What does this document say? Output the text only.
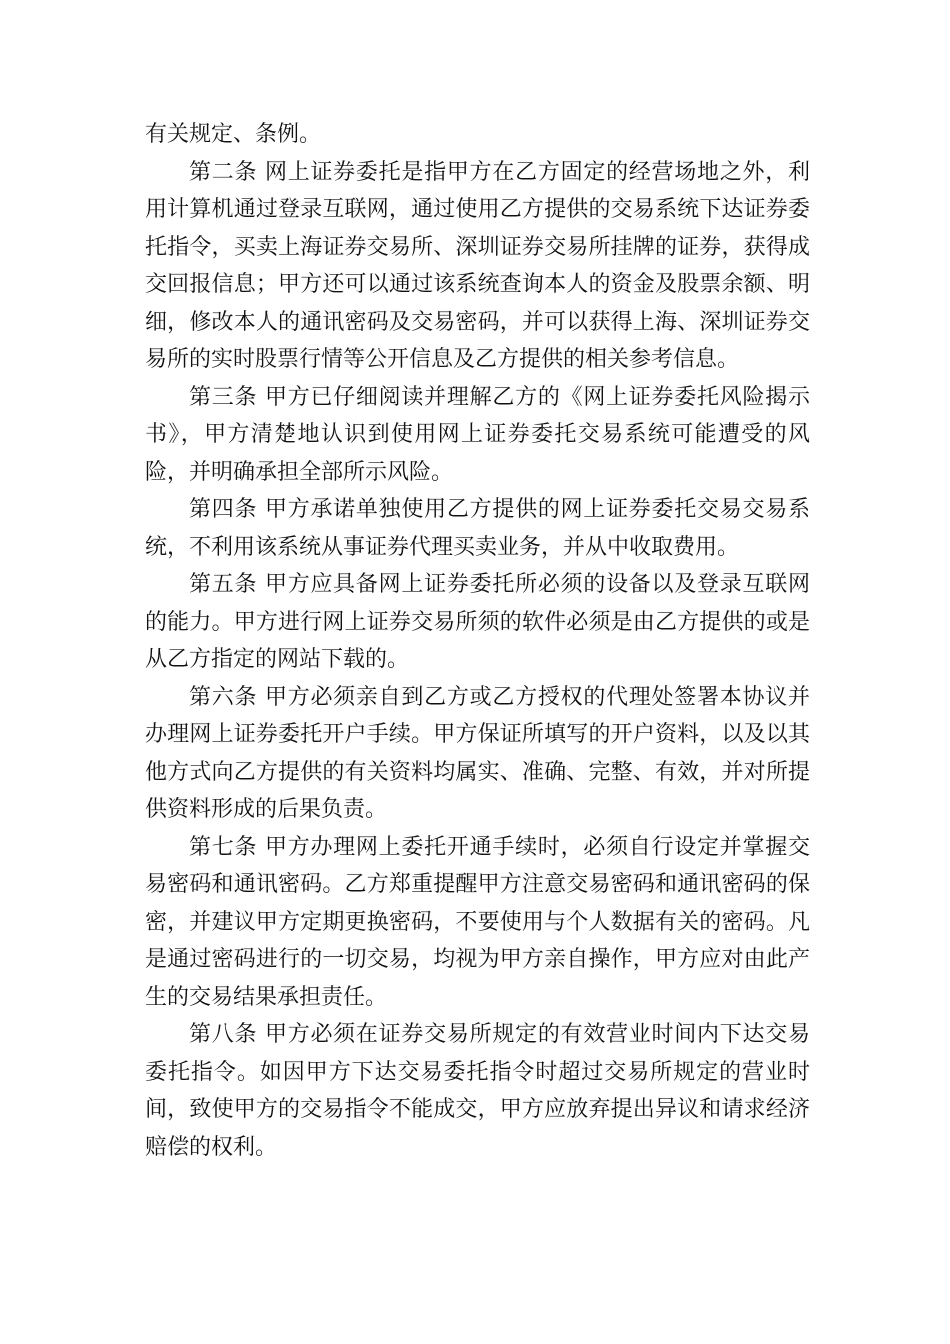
有关规定、条例。

第二条 网上证券委托是指甲方在乙方固定的经营场地之外，利用计算机通过登录互联网，通过使用乙方提供的交易系统下达证券委托指令，买卖上海证券交易所、深圳证券交易所挂牌的证券，获得成交回报信息；甲方还可以通过该系统查询本人的资金及股票余额、明细，修改本人的通讯密码及交易密码，并可以获得上海、深圳证券交易所的实时股票行情等公开信息及乙方提供的相关参考信息。

第三条 甲方已仔细阅读并理解乙方的《网上证券委托风险揭示书》，甲方清楚地认识到使用网上证券委托交易系统可能遭受的风险，并明确承担全部所示风险。

第四条 甲方承诺单独使用乙方提供的网上证券委托交易交易系统，不利用该系统从事证券代理买卖业务，并从中收取费用。

第五条 甲方应具备网上证券委托所必须的设备以及登录互联网的能力。甲方进行网上证券交易所须的软件必须是由乙方提供的或是从乙方指定的网站下载的。

第六条 甲方必须亲自到乙方或乙方授权的代理处签署本协议并办理网上证券委托开户手续。甲方保证所填写的开户资料，以及以其他方式向乙方提供的有关资料均属实、准确、完整、有效，并对所提供资料形成的后果负责。

第七条 甲方办理网上委托开通手续时，必须自行设定并掌握交易密码和通讯密码。乙方郑重提醒甲方注意交易密码和通讯密码的保密，并建议甲方定期更换密码，不要使用与个人数据有关的密码。凡是通过密码进行的一切交易，均视为甲方亲自操作，甲方应对由此产生的交易结果承担责任。

第八条 甲方必须在证券交易所规定的有效营业时间内下达交易委托指令。如因甲方下达交易委托指令时超过交易所规定的营业时间，致使甲方的交易指令不能成交，甲方应放弃提出异议和请求经济赔偿的权利。
